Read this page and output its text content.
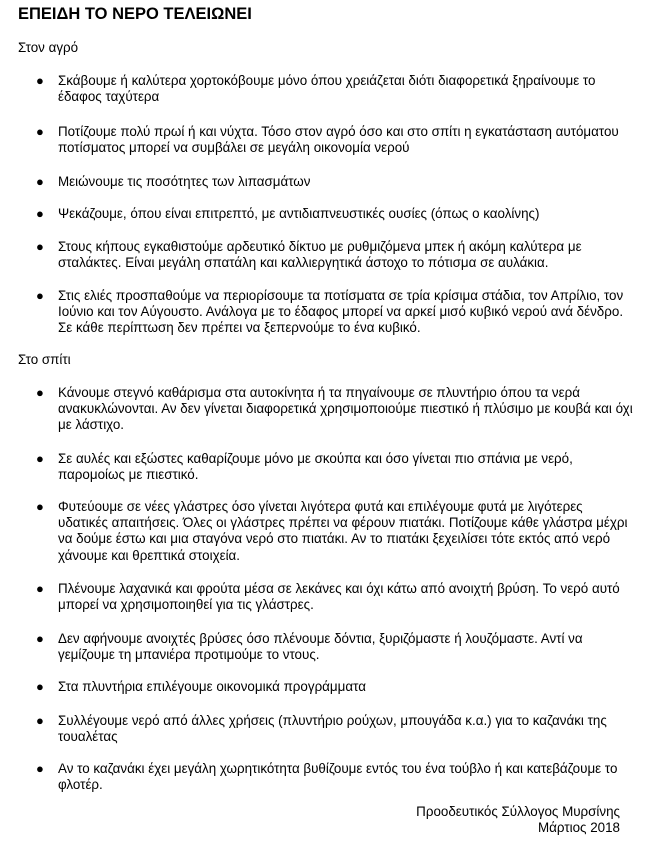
ΕΠΕΙΔΗ ΤΟ ΝΕΡΟ ΤΕΛΕΙΩΝΕΙ
Στον αγρό
● Σκάβουμε ή καλύτερα χορτοκόβουμε μόνο όπου χρειάζεται διότι διαφορετικά ξηραίνουμε το έδαφος ταχύτερα
● Ποτίζουμε πολύ πρωί ή και νύχτα. Τόσο στον αγρό όσο και στο σπίτι η εγκατάσταση αυτόματου ποτίσματος μπορεί να συμβάλει σε μεγάλη οικονομία νερού
● Μειώνουμε τις ποσότητες των λιπασμάτων
● Ψεκάζουμε, όπου είναι επιτρεπτό, με αντιδιαπνευστικές ουσίες (όπως ο καολίνης)
● Στους κήπους εγκαθιστούμε αρδευτικό δίκτυο με ρυθμιζόμενα μπεκ ή ακόμη καλύτερα με σταλάκτες. Είναι μεγάλη σπατάλη και καλλιεργητικά άστοχο το πότισμα σε αυλάκια.
● Στις ελιές προσπαθούμε να περιορίσουμε τα ποτίσματα σε τρία κρίσιμα στάδια, τον Απρίλιο, τον Ιούνιο και τον Αύγουστο. Ανάλογα με το έδαφος μπορεί να αρκεί μισό κυβικό νερού ανά δένδρο. Σε κάθε περίπτωση δεν πρέπει να ξεπερνούμε το ένα κυβικό.
Στο σπίτι
● Κάνουμε στεγνό καθάρισμα στα αυτοκίνητα ή τα πηγαίνουμε σε πλυντήριο όπου τα νερά ανακυκλώνονται. Αν δεν γίνεται διαφορετικά χρησιμοποιούμε πιεστικό ή πλύσιμο με κουβά και όχι με λάστιχο.
● Σε αυλές και εξώστες καθαρίζουμε μόνο με σκούπα και όσο γίνεται πιο σπάνια με νερό, παρομοίως με πιεστικό.
● Φυτεύουμε σε νέες γλάστρες όσο γίνεται λιγότερα φυτά και επιλέγουμε φυτά με λιγότερες υδατικές απαιτήσεις. Όλες οι γλάστρες πρέπει να φέρουν πιατάκι. Ποτίζουμε κάθε γλάστρα μέχρι να δούμε έστω και μια σταγόνα νερό στο πιατάκι. Αν το πιατάκι ξεχειλίσει τότε εκτός από νερό χάνουμε και θρεπτικά στοιχεία.
● Πλένουμε λαχανικά και φρούτα μέσα σε λεκάνες και όχι κάτω από ανοιχτή βρύση. Το νερό αυτό μπορεί να χρησιμοποιηθεί για τις γλάστρες.
● Δεν αφήνουμε ανοιχτές βρύσες όσο πλένουμε δόντια, ξυριζόμαστε ή λουζόμαστε. Αντί να γεμίζουμε τη μπανιέρα προτιμούμε το ντους.
● Στα πλυντήρια επιλέγουμε οικονομικά προγράμματα
● Συλλέγουμε νερό από άλλες χρήσεις (πλυντήριο ρούχων, μπουγάδα κ.α.) για το καζανάκι της τουαλέτας
● Αν το καζανάκι έχει μεγάλη χωρητικότητα βυθίζουμε εντός του ένα τούβλο ή και κατεβάζουμε το φλοτέρ.
Προοδευτικός Σύλλογος Μυρσίνης
Μάρτιος 2018
